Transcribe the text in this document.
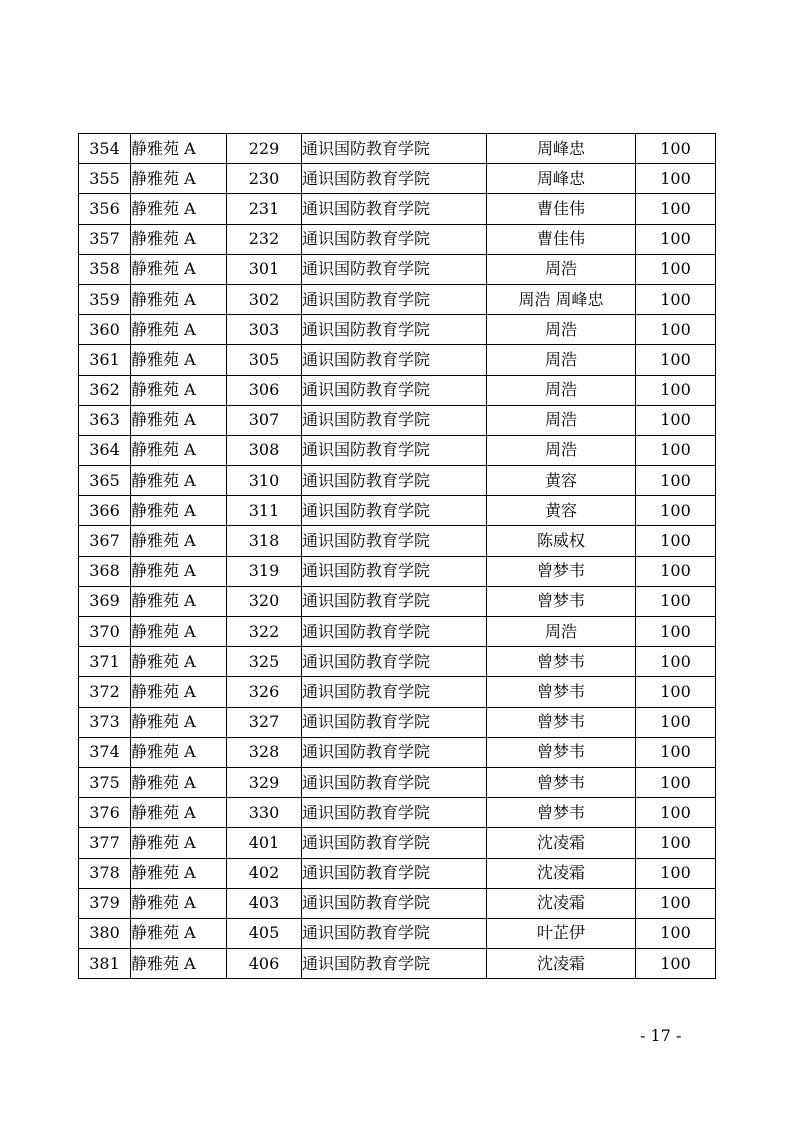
354	静雅苑 A	229	通识国防教育学院	周峰忠	100
355	静雅苑 A	230	通识国防教育学院	周峰忠	100
356	静雅苑 A	231	通识国防教育学院	曹佳伟	100
357	静雅苑 A	232	通识国防教育学院	曹佳伟	100
358	静雅苑 A	301	通识国防教育学院	周浩	100
359	静雅苑 A	302	通识国防教育学院	周浩 周峰忠	100
360	静雅苑 A	303	通识国防教育学院	周浩	100
361	静雅苑 A	305	通识国防教育学院	周浩	100
362	静雅苑 A	306	通识国防教育学院	周浩	100
363	静雅苑 A	307	通识国防教育学院	周浩	100
364	静雅苑 A	308	通识国防教育学院	周浩	100
365	静雅苑 A	310	通识国防教育学院	黄容	100
366	静雅苑 A	311	通识国防教育学院	黄容	100
367	静雅苑 A	318	通识国防教育学院	陈威权	100
368	静雅苑 A	319	通识国防教育学院	曾梦韦	100
369	静雅苑 A	320	通识国防教育学院	曾梦韦	100
370	静雅苑 A	322	通识国防教育学院	周浩	100
371	静雅苑 A	325	通识国防教育学院	曾梦韦	100
372	静雅苑 A	326	通识国防教育学院	曾梦韦	100
373	静雅苑 A	327	通识国防教育学院	曾梦韦	100
374	静雅苑 A	328	通识国防教育学院	曾梦韦	100
375	静雅苑 A	329	通识国防教育学院	曾梦韦	100
376	静雅苑 A	330	通识国防教育学院	曾梦韦	100
377	静雅苑 A	401	通识国防教育学院	沈凌霜	100
378	静雅苑 A	402	通识国防教育学院	沈凌霜	100
379	静雅苑 A	403	通识国防教育学院	沈凌霜	100
380	静雅苑 A	405	通识国防教育学院	叶芷伊	100
381	静雅苑 A	406	通识国防教育学院	沈凌霜	100
- 17 -
